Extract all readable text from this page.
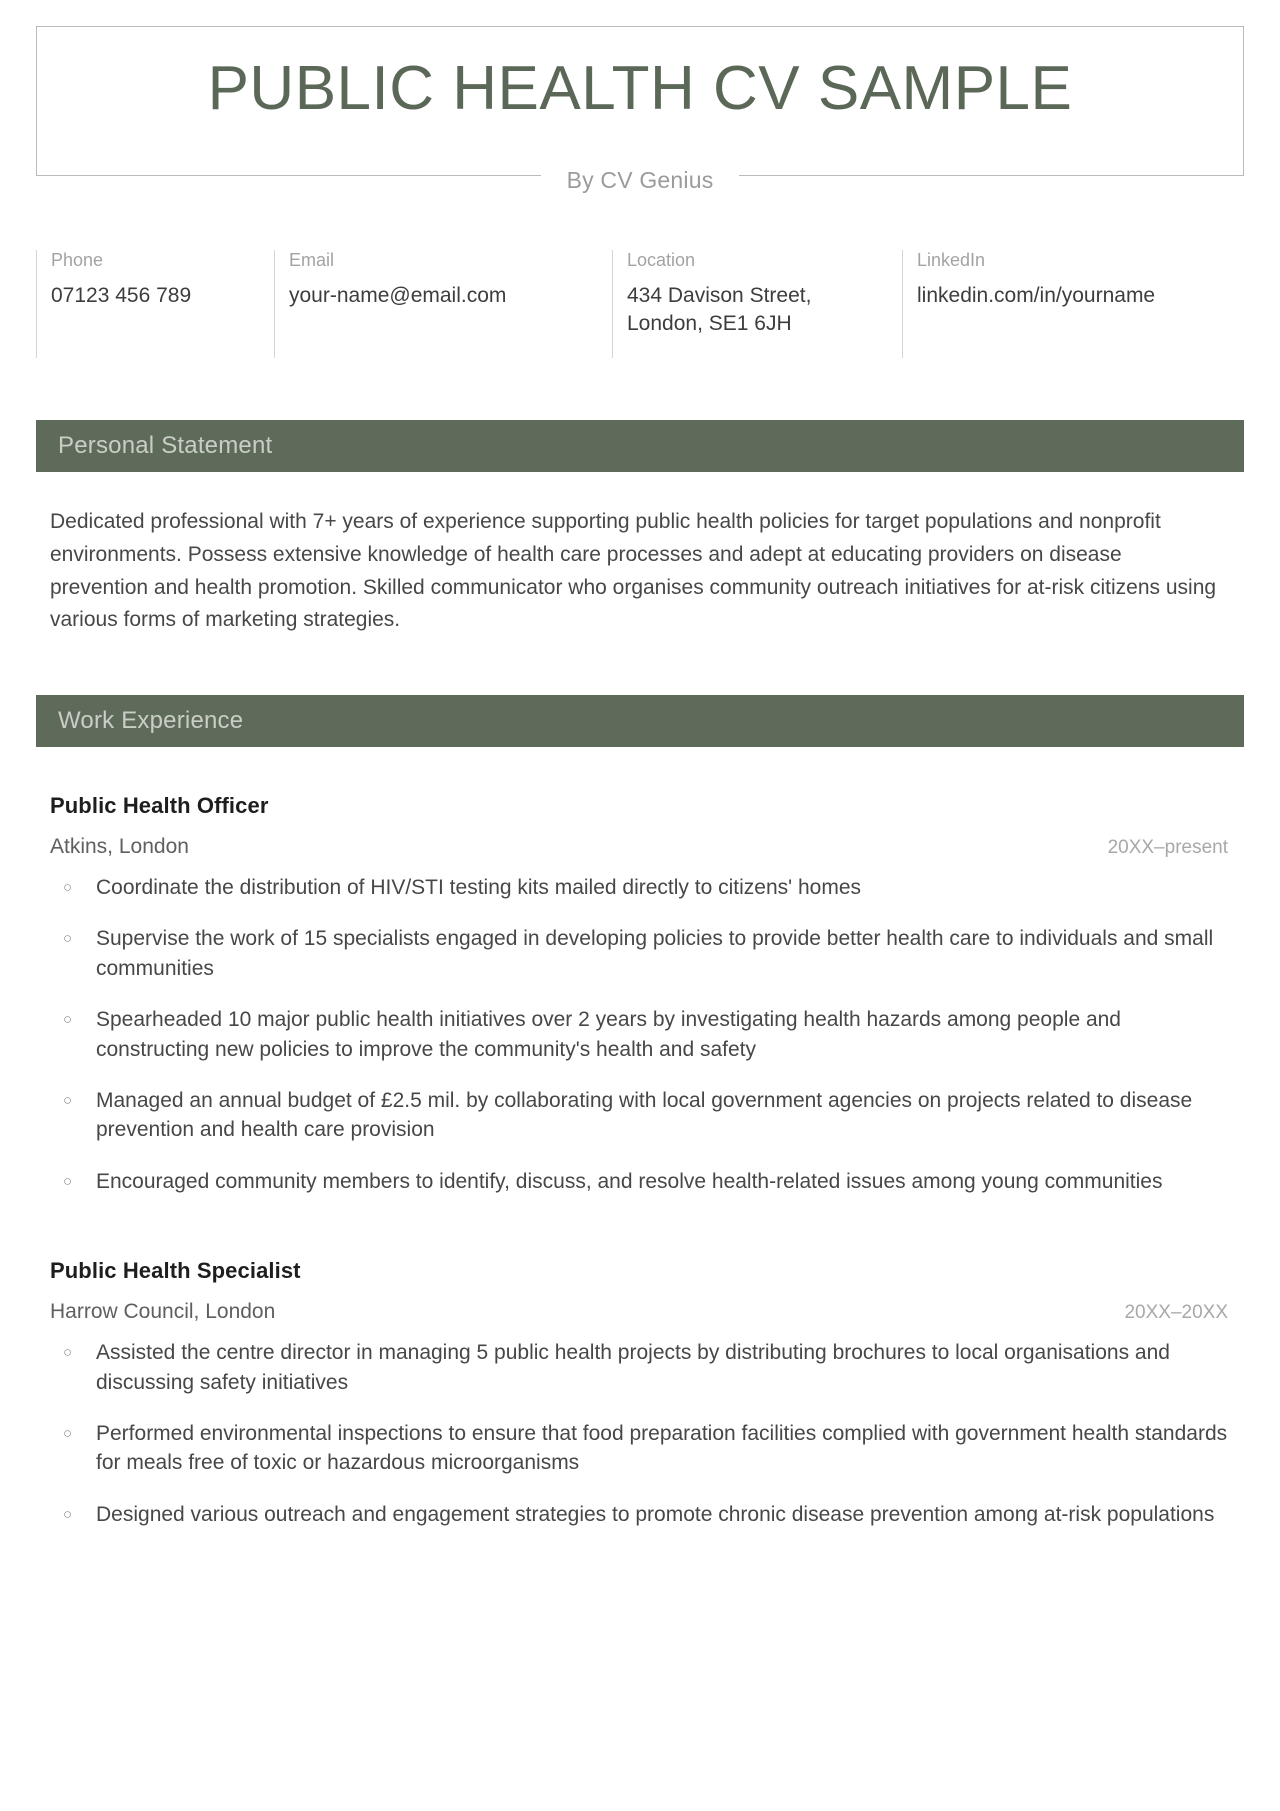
PUBLIC HEALTH CV SAMPLE
By CV Genius
Phone
07123 456 789
Email
your-name@email.com
Location
434 Davison Street,
London, SE1 6JH
LinkedIn
linkedin.com/in/yourname
Personal Statement

Dedicated professional with 7+ years of experience supporting public health policies for target populations and nonprofit environments. Possess extensive knowledge of health care processes and adept at educating providers on disease prevention and health promotion. Skilled communicator who organises community outreach initiatives for at-risk citizens using various forms of marketing strategies.

Work Experience
Public Health Officer
Atkins, London	20XX–present
○ Coordinate the distribution of HIV/STI testing kits mailed directly to citizens' homes
○ Supervise the work of 15 specialists engaged in developing policies to provide better health care to individuals and small communities
○ Spearheaded 10 major public health initiatives over 2 years by investigating health hazards among people and constructing new policies to improve the community's health and safety
○ Managed an annual budget of £2.5 mil. by collaborating with local government agencies on projects related to disease prevention and health care provision
○ Encouraged community members to identify, discuss, and resolve health-related issues among young communities
Public Health Specialist
Harrow Council, London	20XX–20XX
○ Assisted the centre director in managing 5 public health projects by distributing brochures to local organisations and discussing safety initiatives
○ Performed environmental inspections to ensure that food preparation facilities complied with government health standards for meals free of toxic or hazardous microorganisms
○ Designed various outreach and engagement strategies to promote chronic disease prevention among at-risk populations
